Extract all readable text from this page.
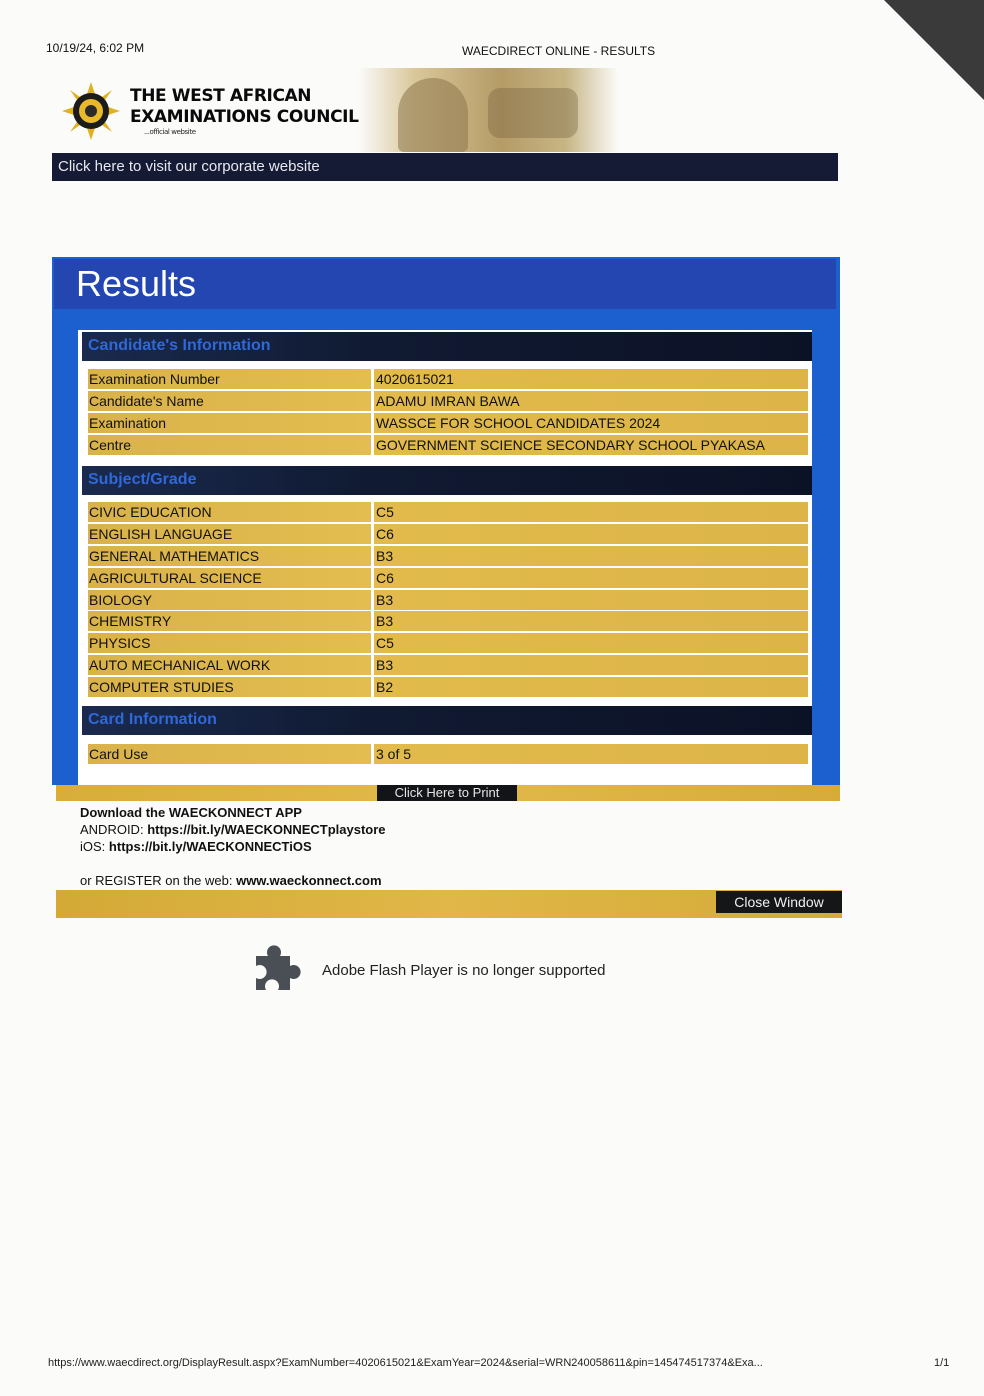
10/19/24, 6:02 PM	WAECDIRECT ONLINE - RESULTS
THE WEST AFRICAN
EXAMINATIONS COUNCIL
...official website
Click here to visit our corporate website
Results
Candidate's Information
Examination Number	4020615021
Candidate's Name	ADAMU IMRAN BAWA
Examination	WASSCE FOR SCHOOL CANDIDATES 2024
Centre	GOVERNMENT SCIENCE SECONDARY SCHOOL PYAKASA
Subject/Grade
CIVIC EDUCATION	C5
ENGLISH LANGUAGE	C6
GENERAL MATHEMATICS	B3
AGRICULTURAL SCIENCE	C6
BIOLOGY	B3
CHEMISTRY	B3
PHYSICS	C5
AUTO MECHANICAL WORK	B3
COMPUTER STUDIES	B2
Card Information
Card Use	3 of 5
Click Here to Print
Download the WAECKONNECT APP
ANDROID: https://bit.ly/WAECKONNECTplaystore
iOS: https://bit.ly/WAECKONNECTiOS
or REGISTER on the web: www.waeckonnect.com
Close Window
Adobe Flash Player is no longer supported
https://www.waecdirect.org/DisplayResult.aspx?ExamNumber=4020615021&ExamYear=2024&serial=WRN240058611&pin=145474517374&Exa...	1/1
